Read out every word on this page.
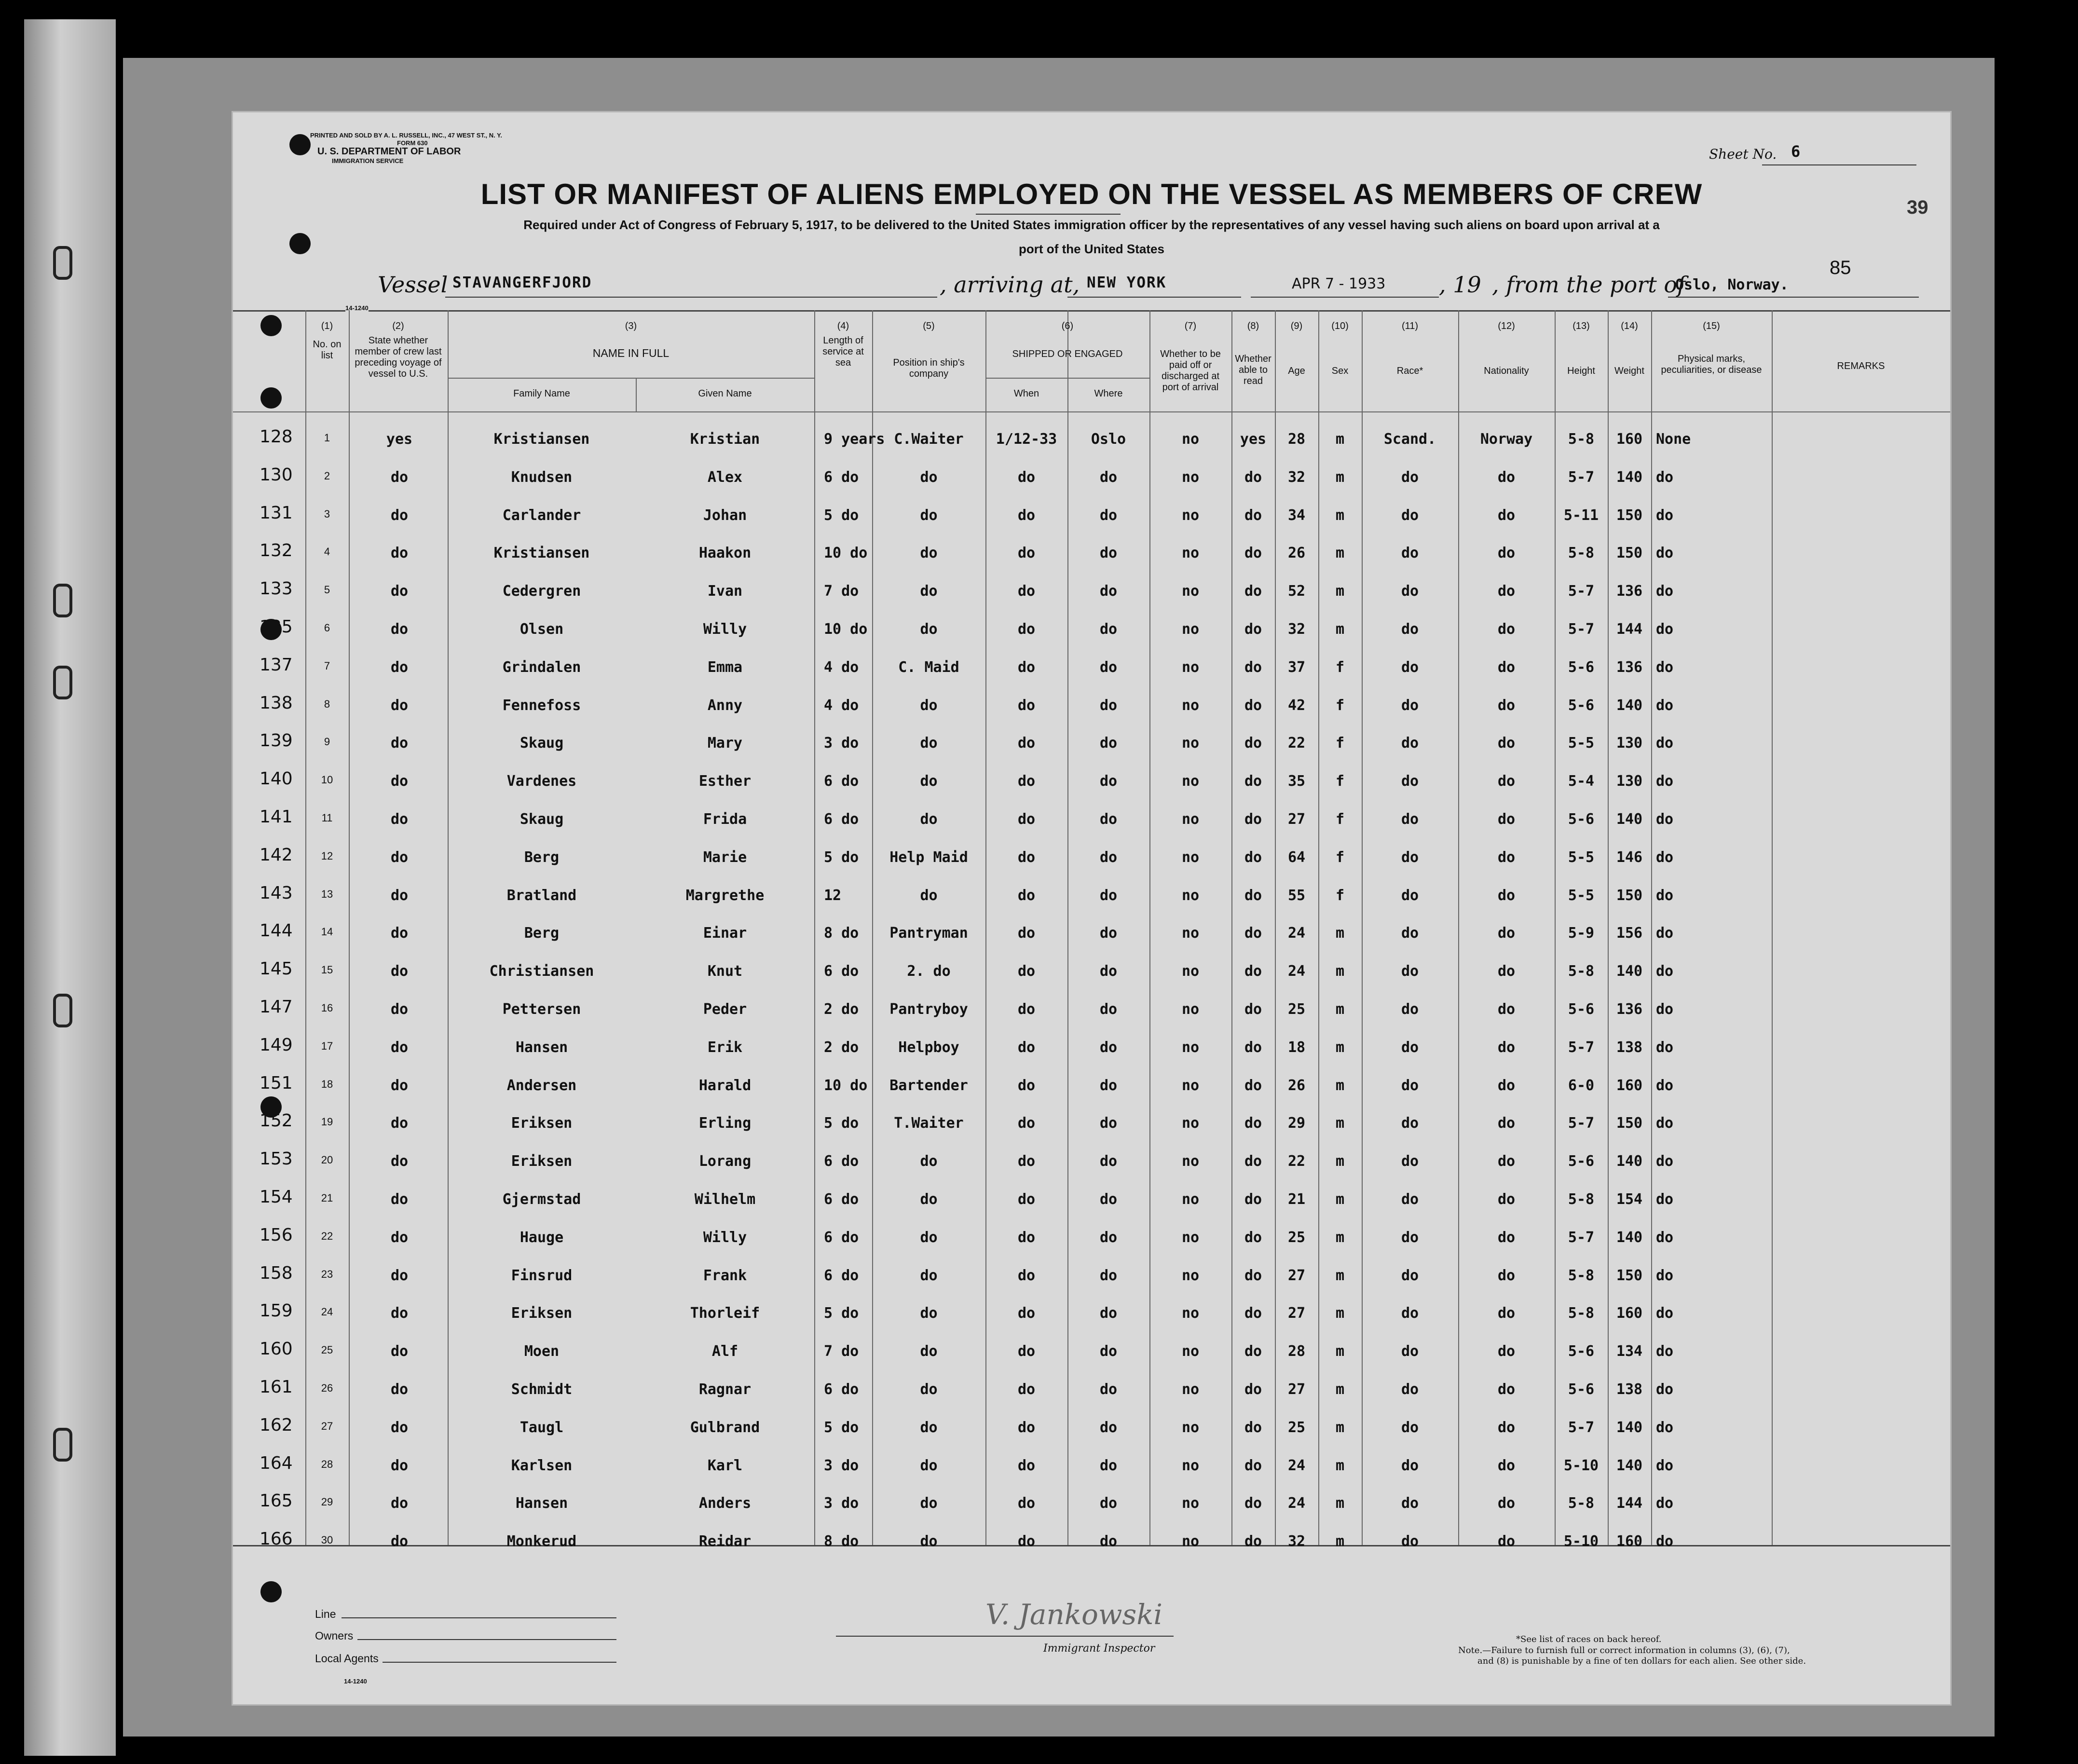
PRINTED AND SOLD BY A. L. RUSSELL, INC., 47 WEST ST., N. Y.
FORM 630
U. S. DEPARTMENT OF LABOR
IMMIGRATION SERVICE	Sheet No. 6
39
85
LIST OR MANIFEST OF ALIENS EMPLOYED ON THE VESSEL AS MEMBERS OF CREW
Required under Act of Congress of February 5, 1917, to be delivered to the United States immigration officer by the representatives of any vessel having such aliens on board upon arrival at a
port of the United States
Vessel STAVANGERFJORD	, arriving at, NEW YORK	APR 7 - 1933 , 19 , from the port of
Oslo, Norway.
14-1240
(1)
No. on list
(2)
State whether member of crew last preceding voyage of vessel to U.S.
(3)
NAME IN FULL
Family Name	Given Name
(4)
Length of service at sea
(5)
Position in ship's company
(6)
SHIPPED OR ENGAGED
When	Where
(7)
Whether to be paid off or discharged at port of arrival
(8)
Whether able to read
(9)
Age
(10)
Sex
(11)
Race*
(12)
Nationality
(13)
Height
(14)
Weight
(15)
Physical marks, peculiarities, or disease	REMARKS
128	1	yes	Kristiansen	Kristian	9 years C.Waiter	1/12-33	Oslo	no	yes	28	m	Scand.	Norway	5-8	160 None
130	2	do	Knudsen	Alex	6 do	do	do	do	no	do	32	m	do	do	5-7	140 do
131	3	do	Carlander	Johan	5 do	do	do	do	no	do	34	m	do	do	5-11	150 do
132	4	do	Kristiansen	Haakon	10 do	do	do	do	no	do	26	m	do	do	5-8	150 do
133	5	do	Cedergren	Ivan	7 do	do	do	do	no	do	52	m	do	do	5-7	136 do
135	6	do	Olsen	Willy	10 do	do	do	do	no	do	32	m	do	do	5-7	144 do
137	7	do	Grindalen	Emma	4 do	C. Maid	do	do	no	do	37	f	do	do	5-6	136 do
138	8	do	Fennefoss	Anny	4 do	do	do	do	no	do	42	f	do	do	5-6	140 do
139	9	do	Skaug	Mary	3 do	do	do	do	no	do	22	f	do	do	5-5	130 do
140	10	do	Vardenes	Esther	6 do	do	do	do	no	do	35	f	do	do	5-4	130 do
141	11	do	Skaug	Frida	6 do	do	do	do	no	do	27	f	do	do	5-6	140 do
142	12	do	Berg	Marie	5 do	Help Maid	do	do	no	do	64	f	do	do	5-5	146 do
143	13	do	Bratland	Margrethe	12	do	do	do	no	do	55	f	do	do	5-5	150 do
144	14	do	Berg	Einar	8 do	Pantryman	do	do	no	do	24	m	do	do	5-9	156 do
145	15	do	Christiansen	Knut	6 do	2. do	do	do	no	do	24	m	do	do	5-8	140 do
147	16	do	Pettersen	Peder	2 do	Pantryboy	do	do	no	do	25	m	do	do	5-6	136 do
149	17	do	Hansen	Erik	2 do	Helpboy	do	do	no	do	18	m	do	do	5-7	138 do
151	18	do	Andersen	Harald	10 do	Bartender	do	do	no	do	26	m	do	do	6-0	160 do
152	19	do	Eriksen	Erling	5 do	T.Waiter	do	do	no	do	29	m	do	do	5-7	150 do
153	20	do	Eriksen	Lorang	6 do	do	do	do	no	do	22	m	do	do	5-6	140 do
154	21	do	Gjermstad	Wilhelm	6 do	do	do	do	no	do	21	m	do	do	5-8	154 do
156	22	do	Hauge	Willy	6 do	do	do	do	no	do	25	m	do	do	5-7	140 do
158	23	do	Finsrud	Frank	6 do	do	do	do	no	do	27	m	do	do	5-8	150 do
159	24	do	Eriksen	Thorleif	5 do	do	do	do	no	do	27	m	do	do	5-8	160 do
160	25	do	Moen	Alf	7 do	do	do	do	no	do	28	m	do	do	5-6	134 do
161	26	do	Schmidt	Ragnar	6 do	do	do	do	no	do	27	m	do	do	5-6	138 do
162	27	do	Taugl	Gulbrand	5 do	do	do	do	no	do	25	m	do	do	5-7	140 do
164	28	do	Karlsen	Karl	3 do	do	do	do	no	do	24	m	do	do	5-10	140 do
165	29	do	Hansen	Anders	3 do	do	do	do	no	do	24	m	do	do	5-8	144 do
166	30	do	Monkerud	Reidar	8 do	do	do	do	no	do	32	m	do	do	5-10	160 do
Line
Owners
Local Agents
14-1240
V. Jankowski
Immigrant Inspector
*See list of races on back hereof.
Note.—Failure to furnish full or correct information in columns (3), (6), (7),
and (8) is punishable by a fine of ten dollars for each alien. See other side.
